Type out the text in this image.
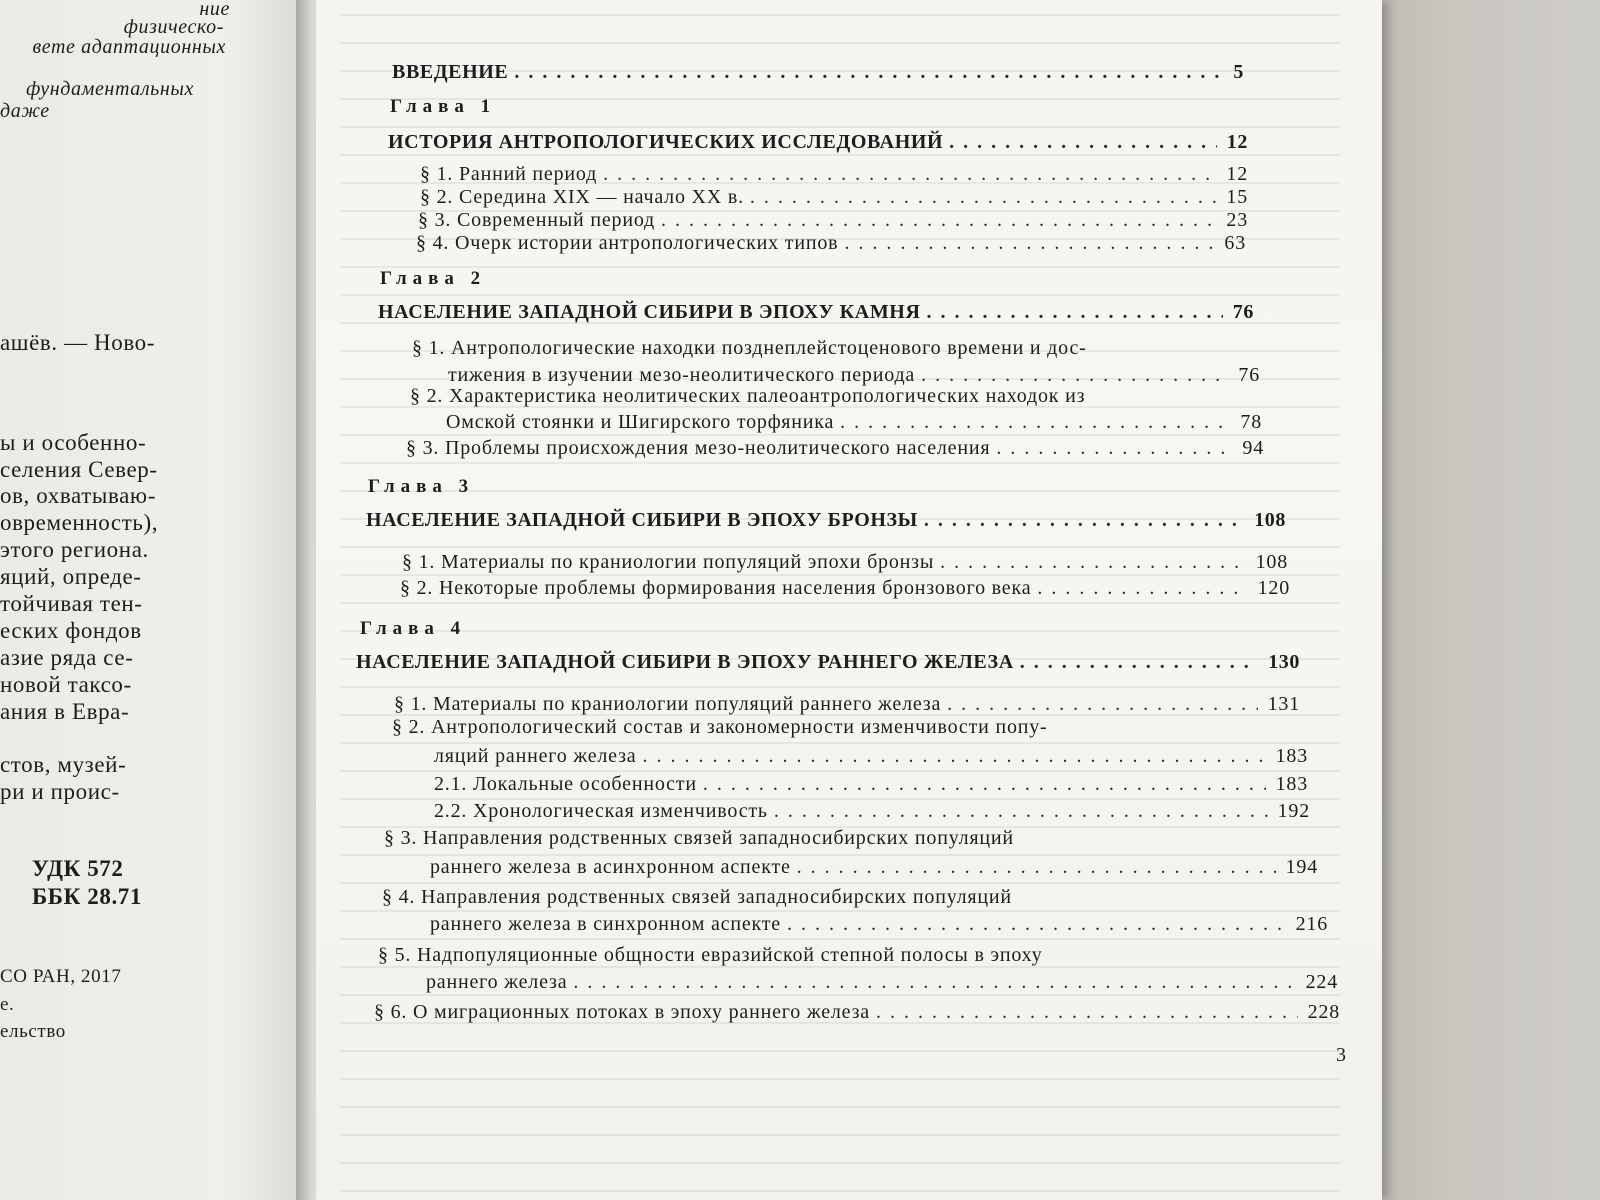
ние
физическо-
вете адаптационных
фундаментальных
даже
ашёв. — Ново-
ы и особенно-
селения Север-
ов, охватываю-
овременность),
этого региона.
яций, опреде-
тойчивая тен-
еских фондов
азие ряда се-
новой таксо-
ания в Евра-
стов, музей-
ри и проис-
УДК 572
ББК 28.71
СО РАН, 2017
е.
ельство
ВВЕДЕНИЕ . . .	5
Глава 1
ИСТОРИЯ АНТРОПОЛОГИЧЕСКИХ ИССЛЕДОВАНИЙ . . .	12
§ 1. Ранний период . . .	12
§ 2. Середина XIX — начало XX в. . . .	15
§ 3. Современный период . . .	23
§ 4. Очерк истории антропологических типов . . .	63
Глава 2
НАСЕЛЕНИЕ ЗАПАДНОЙ СИБИРИ В ЭПОХУ КАМНЯ . . .	76
§ 1. Антропологические находки позднеплейстоценового времени и дос-
тижения в изучении мезо-неолитического периода . . .	76
§ 2. Характеристика неолитических палеоантропологических находок из
Омской стоянки и Шигирского торфяника . . .	78
§ 3. Проблемы происхождения мезо-неолитического населения . . .	94
Глава 3
НАСЕЛЕНИЕ ЗАПАДНОЙ СИБИРИ В ЭПОХУ БРОНЗЫ . . .	108
§ 1. Материалы по краниологии популяций эпохи бронзы . . .	108
§ 2. Некоторые проблемы формирования населения бронзового века . . .	120
Глава 4
НАСЕЛЕНИЕ ЗАПАДНОЙ СИБИРИ В ЭПОХУ РАННЕГО ЖЕЛЕЗА . . .	130
§ 1. Материалы по краниологии популяций раннего железа . . .	131
§ 2. Антропологический состав и закономерности изменчивости попу-
ляций раннего железа . . .	183
2.1. Локальные особенности . . .	183
2.2. Хронологическая изменчивость . . .	192
§ 3. Направления родственных связей западносибирских популяций
раннего железа в асинхронном аспекте . . .	194
§ 4. Направления родственных связей западносибирских популяций
раннего железа в синхронном аспекте . . .	216
§ 5. Надпопуляционные общности евразийской степной полосы в эпоху
раннего железа . . .	224
§ 6. О миграционных потоках в эпоху раннего железа . . .	228
3
